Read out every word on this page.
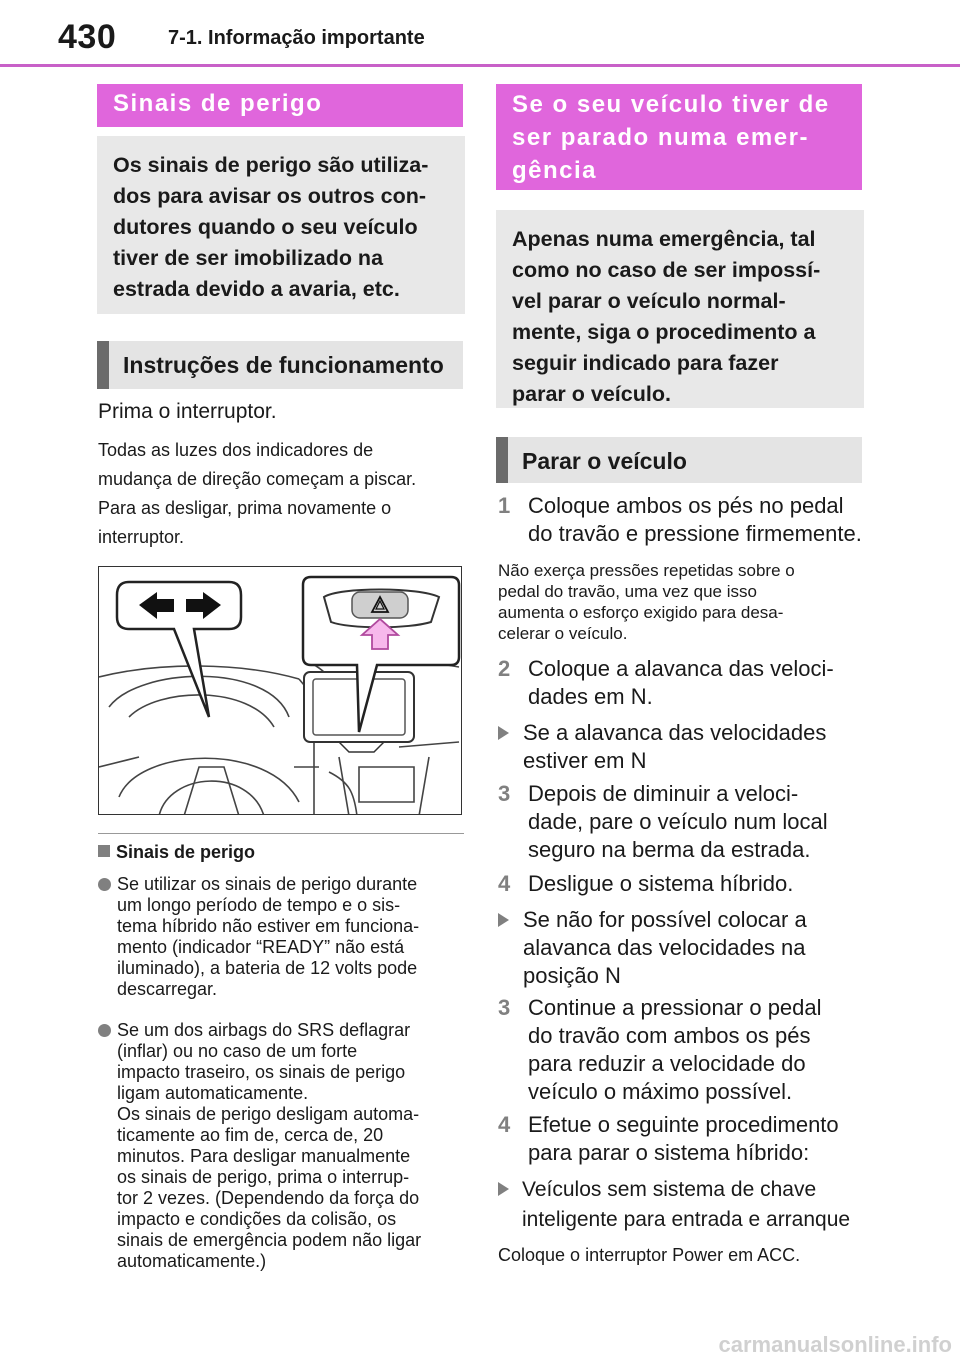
430	7-1. Informação importante
Sinais de perigo
Os sinais de perigo são utiliza-
dos para avisar os outros con-
dutores quando o seu veículo
tiver de ser imobilizado na
estrada devido a avaria, etc.
Instruções de funcionamento
Prima o interruptor.
Todas as luzes dos indicadores de
mudança de direção começam a piscar.
Para as desligar, prima novamente o
interruptor.
Sinais de perigo
Se utilizar os sinais de perigo durante
um longo período de tempo e o sis-
tema híbrido não estiver em funciona-
mento (indicador “READY” não está
iluminado), a bateria de 12 volts pode
descarregar.
Se um dos airbags do SRS deflagrar
(inflar) ou no caso de um forte
impacto traseiro, os sinais de perigo
ligam automaticamente.
Os sinais de perigo desligam automa-
ticamente ao fim de, cerca de, 20
minutos. Para desligar manualmente
os sinais de perigo, prima o interrup-
tor 2 vezes. (Dependendo da força do
impacto e condições da colisão, os
sinais de emergência podem não ligar
automaticamente.)
Se o seu veículo tiver de
ser parado numa emer-
gência
Apenas numa emergência, tal
como no caso de ser impossí-
vel parar o veículo normal-
mente, siga o procedimento a
seguir indicado para fazer
parar o veículo.
Parar o veículo
1 Coloque ambos os pés no pedal
do travão e pressione firmemente.
Não exerça pressões repetidas sobre o
pedal do travão, uma vez que isso
aumenta o esforço exigido para desa-
celerar o veículo.
2 Coloque a alavanca das veloci-
dades em N.
Se a alavanca das velocidades
estiver em N
3 Depois de diminuir a veloci-
dade, pare o veículo num local
seguro na berma da estrada.
4 Desligue o sistema híbrido.
Se não for possível colocar a
alavanca das velocidades na
posição N
3 Continue a pressionar o pedal
do travão com ambos os pés
para reduzir a velocidade do
veículo o máximo possível.
4 Efetue o seguinte procedimento
para parar o sistema híbrido:
Veículos sem sistema de chave
inteligente para entrada e arranque
Coloque o interruptor Power em ACC.
carmanualsonline.info
